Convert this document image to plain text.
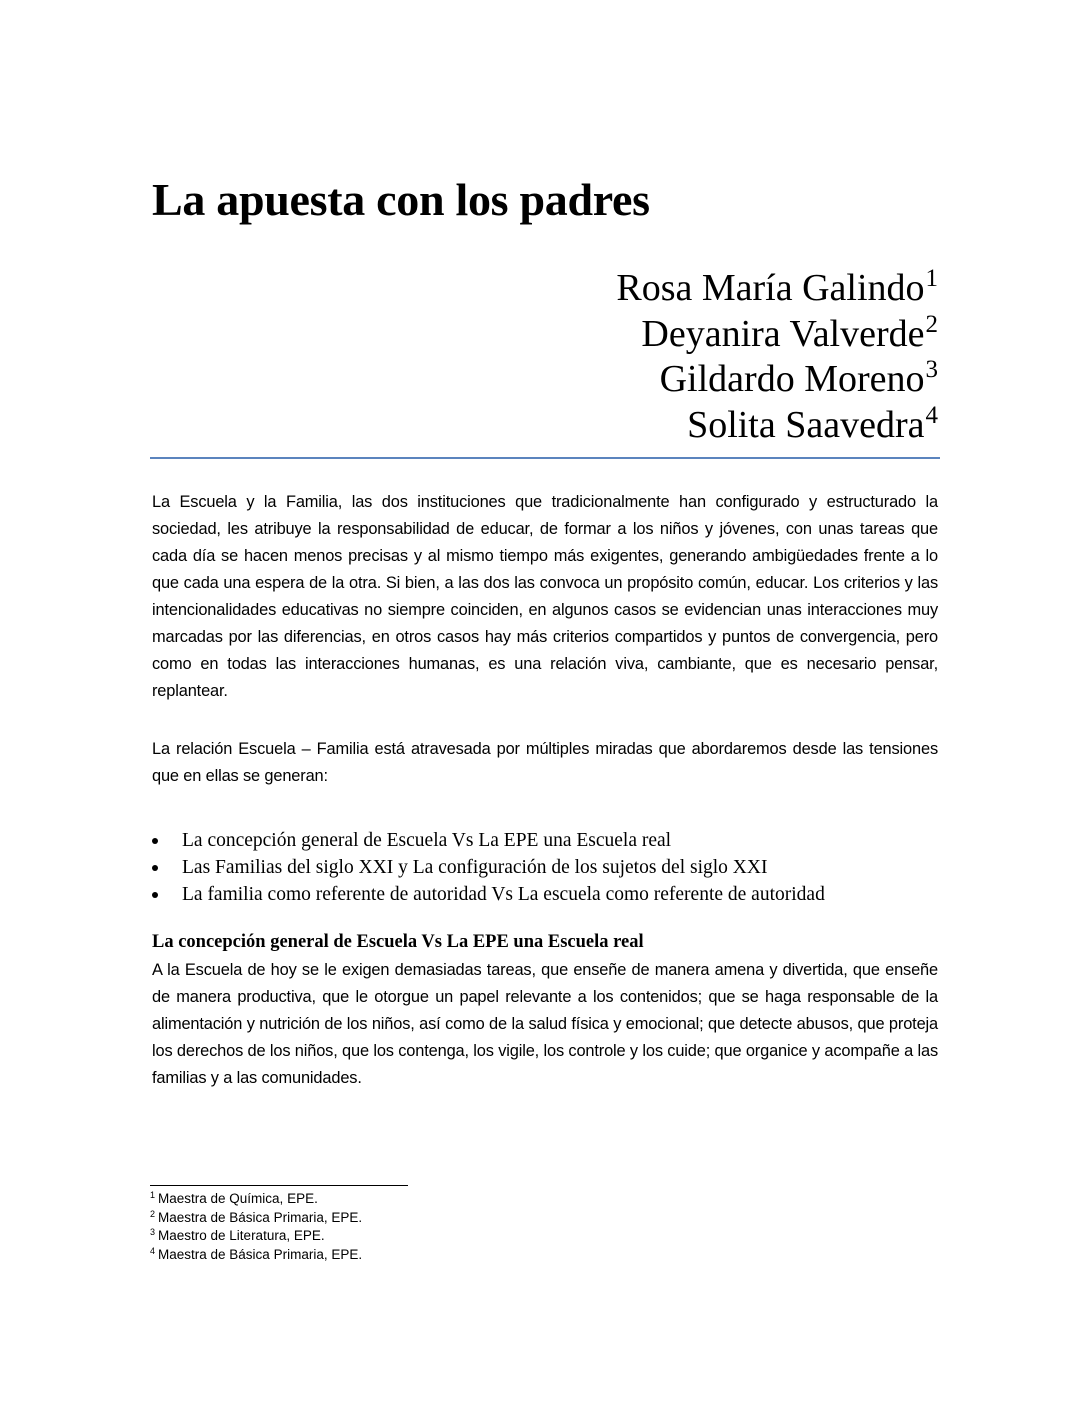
La apuesta con los padres
Rosa María Galindo$^1$
Deyanira Valverde$^2$
Gildardo Moreno$^3$
Solita Saavedra$^4$

La Escuela y la Familia, las dos instituciones que tradicionalmente han configurado y estructurado la sociedad, les atribuye la responsabilidad de educar, de formar a los niños y jóvenes, con unas tareas que cada día se hacen menos precisas y al mismo tiempo más exigentes, generando ambigüedades frente a lo que cada una espera de la otra. Si bien, a las dos las convoca un propósito común, educar. Los criterios y las intencionalidades educativas no siempre coinciden, en algunos casos se evidencian unas interacciones muy marcadas por las diferencias, en otros casos hay más criterios compartidos y puntos de convergencia, pero como en todas las interacciones humanas, es una relación viva, cambiante, que es necesario pensar, replantear.

La relación Escuela – Familia está atravesada por múltiples miradas que abordaremos desde las tensiones que en ellas se generan:

La concepción general de Escuela Vs La EPE una Escuela real
Las Familias del siglo XXI y La configuración de los sujetos del siglo XXI
La familia como referente de autoridad Vs La escuela como referente de autoridad
La concepción general de Escuela Vs La EPE una Escuela real

A la Escuela de hoy se le exigen demasiadas tareas, que enseñe de manera amena y divertida, que enseñe de manera productiva, que le otorgue un papel relevante a los contenidos; que se haga responsable de la alimentación y nutrición de los niños, así como de la salud física y emocional; que detecte abusos, que proteja los derechos de los niños, que los contenga, los vigile, los controle y los cuide; que organice y acompañe a las familias y a las comunidades.

$^1$ Maestra de Química, EPE.
$^2$ Maestra de Básica Primaria, EPE.
$^3$ Maestro de Literatura, EPE.
$^4$ Maestra de Básica Primaria, EPE.
